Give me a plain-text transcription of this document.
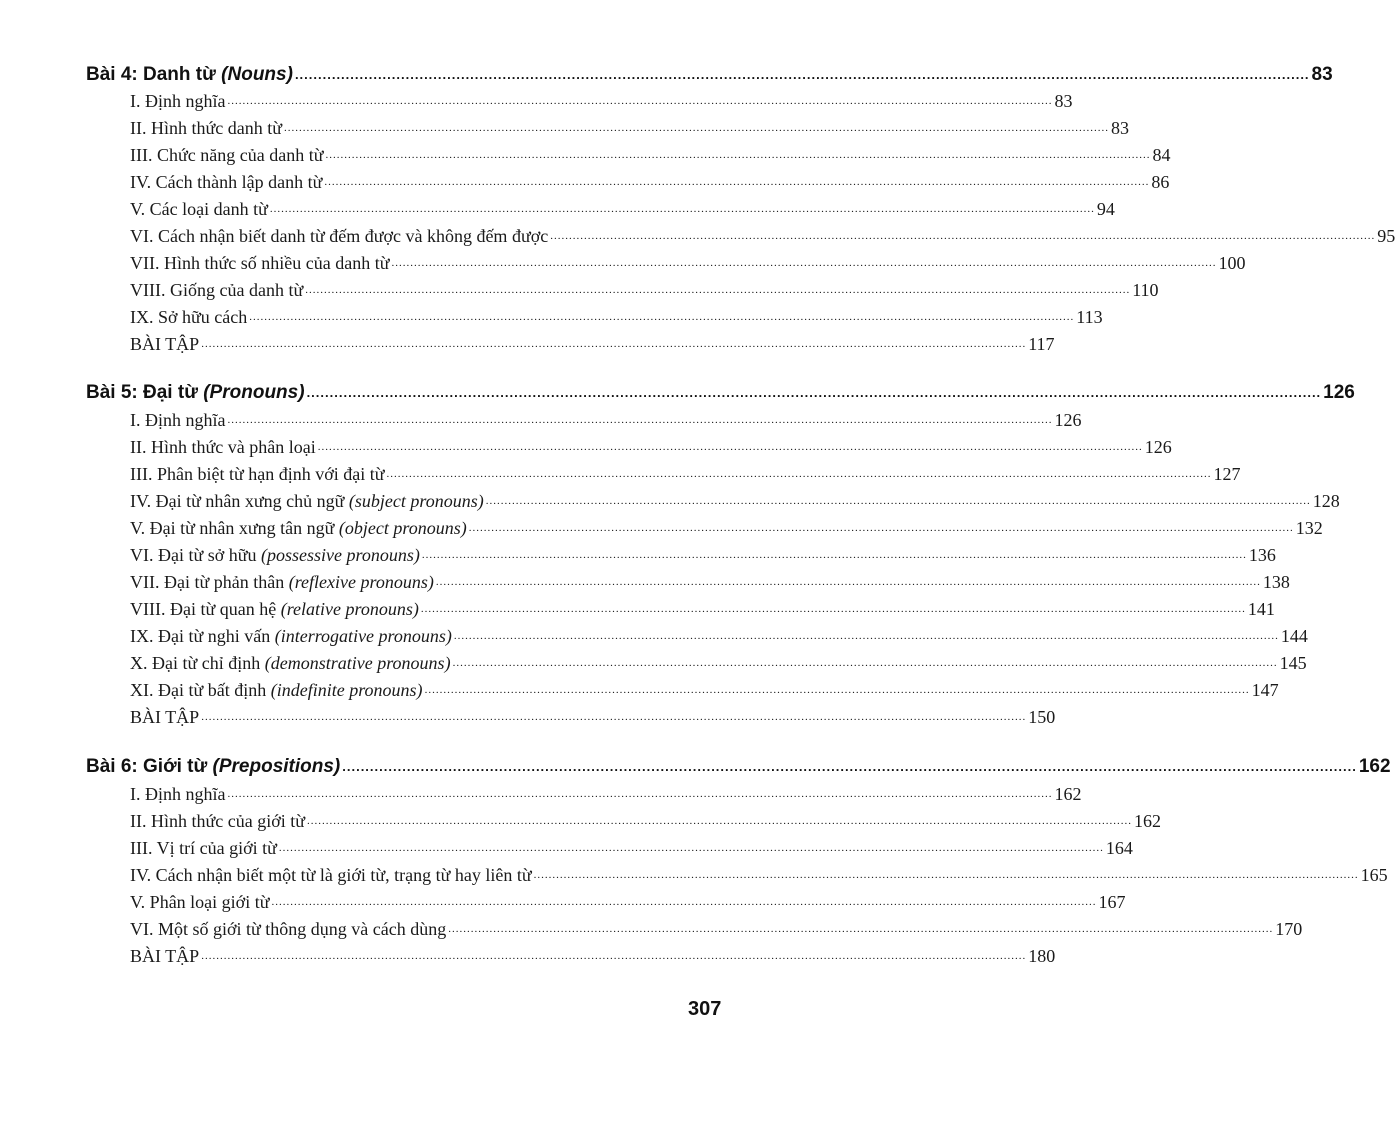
Bài 4: Danh từ (Nouns) ............................................................................................................................................................................................................................ 83
I. Định nghĩa ............................................................................................................................................................................................................................ 83
II. Hình thức danh từ ............................................................................................................................................................................................................................ 83
III. Chức năng của danh từ ............................................................................................................................................................................................................................ 84
IV. Cách thành lập danh từ ............................................................................................................................................................................................................................ 86
V. Các loại danh từ ............................................................................................................................................................................................................................ 94
VI. Cách nhận biết danh từ đếm được và không đếm được ............................................................................................................................................................................................................................ 95
VII. Hình thức số nhiều của danh từ ............................................................................................................................................................................................................................ 100
VIII. Giống của danh từ ............................................................................................................................................................................................................................ 110
IX. Sở hữu cách ............................................................................................................................................................................................................................ 113
BÀI TẬP ............................................................................................................................................................................................................................ 117
Bài 5: Đại từ (Pronouns) ............................................................................................................................................................................................................................ 126
I. Định nghĩa ............................................................................................................................................................................................................................ 126
II. Hình thức và phân loại ............................................................................................................................................................................................................................ 126
III. Phân biệt từ hạn định với đại từ ............................................................................................................................................................................................................................ 127
IV. Đại từ nhân xưng chủ ngữ (subject pronouns) ............................................................................................................................................................................................................................ 128
V. Đại từ nhân xưng tân ngữ (object pronouns) ............................................................................................................................................................................................................................ 132
VI. Đại từ sở hữu (possessive pronouns) ............................................................................................................................................................................................................................ 136
VII. Đại từ phản thân (reflexive pronouns) ............................................................................................................................................................................................................................ 138
VIII. Đại từ quan hệ (relative pronouns) ............................................................................................................................................................................................................................ 141
IX. Đại từ nghi vấn (interrogative pronouns) ............................................................................................................................................................................................................................ 144
X. Đại từ chỉ định (demonstrative pronouns) ............................................................................................................................................................................................................................ 145
XI. Đại từ bất định (indefinite pronouns) ............................................................................................................................................................................................................................ 147
BÀI TẬP ............................................................................................................................................................................................................................ 150
Bài 6: Giới từ (Prepositions) ............................................................................................................................................................................................................................ 162
I. Định nghĩa ............................................................................................................................................................................................................................ 162
II. Hình thức của giới từ ............................................................................................................................................................................................................................ 162
III. Vị trí của giới từ ............................................................................................................................................................................................................................ 164
IV. Cách nhận biết một từ là giới từ, trạng từ hay liên từ ............................................................................................................................................................................................................................ 165
V. Phân loại giới từ ............................................................................................................................................................................................................................ 167
VI. Một số giới từ thông dụng và cách dùng ............................................................................................................................................................................................................................ 170
BÀI TẬP ............................................................................................................................................................................................................................ 180
307
